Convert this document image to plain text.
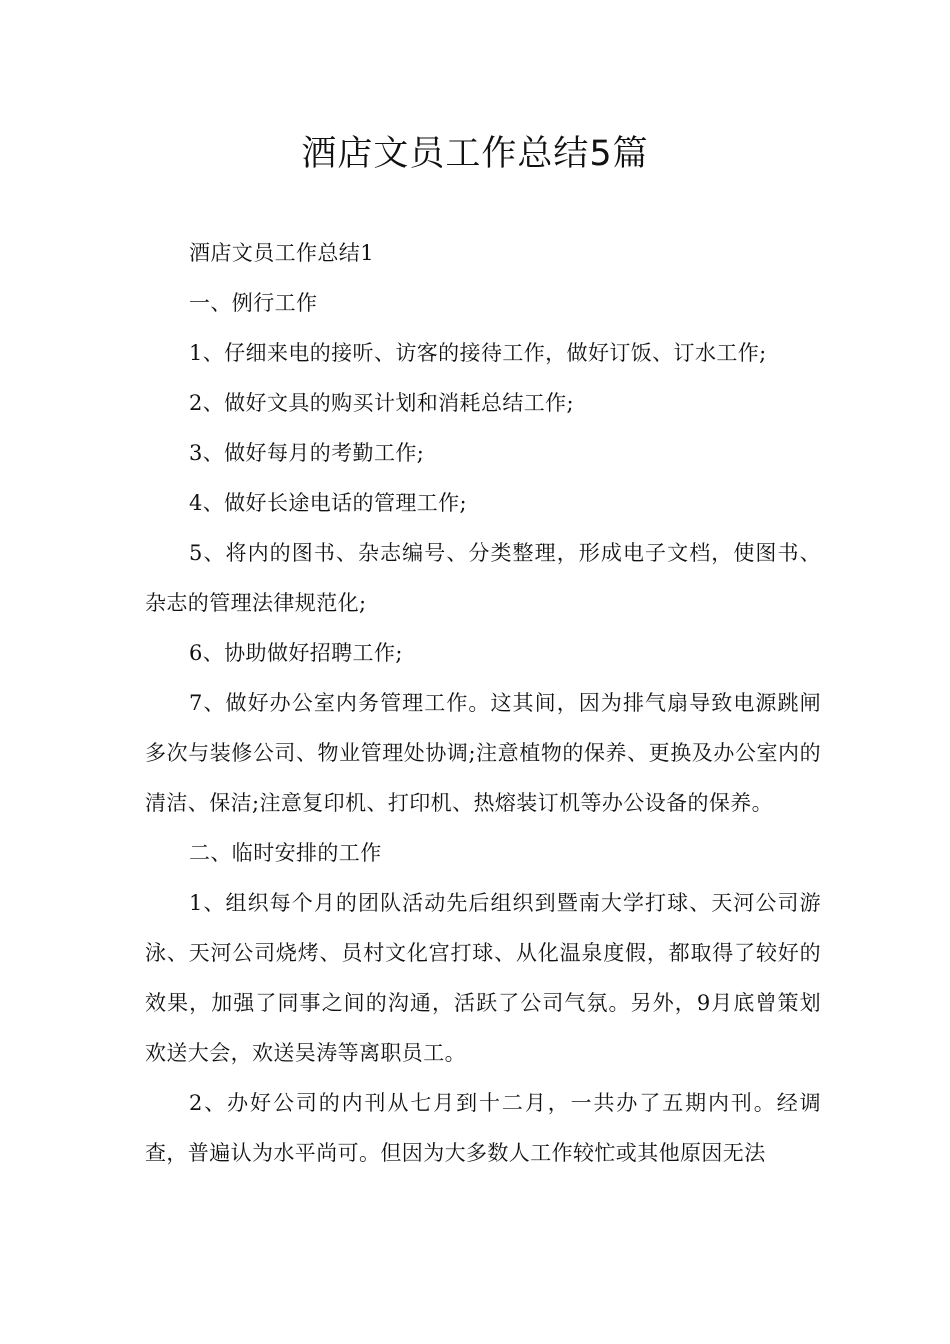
酒店文员工作总结5篇

酒店文员工作总结1

一、例行工作

1、仔细来电的接听、访客的接待工作，做好订饭、订水工作;

2、做好文具的购买计划和消耗总结工作;

3、做好每月的考勤工作;

4、做好长途电话的管理工作;

5、将内的图书、杂志编号、分类整理，形成电子文档，使图书、杂志的管理法律规范化;

6、协助做好招聘工作;

7、做好办公室内务管理工作。这其间，因为排气扇导致电源跳闸多次与装修公司、物业管理处协调;注意植物的保养、更换及办公室内的清洁、保洁;注意复印机、打印机、热熔装订机等办公设备的保养。

二、临时安排的工作

1、组织每个月的团队活动先后组织到暨南大学打球、天河公司游泳、天河公司烧烤、员村文化宫打球、从化温泉度假，都取得了较好的效果，加强了同事之间的沟通，活跃了公司气氛。另外，9月底曾策划欢送大会，欢送吴涛等离职员工。

2、办好公司的内刊从七月到十二月，一共办了五期内刊。经调查，普遍认为水平尚可。但因为大多数人工作较忙或其他原因无法
